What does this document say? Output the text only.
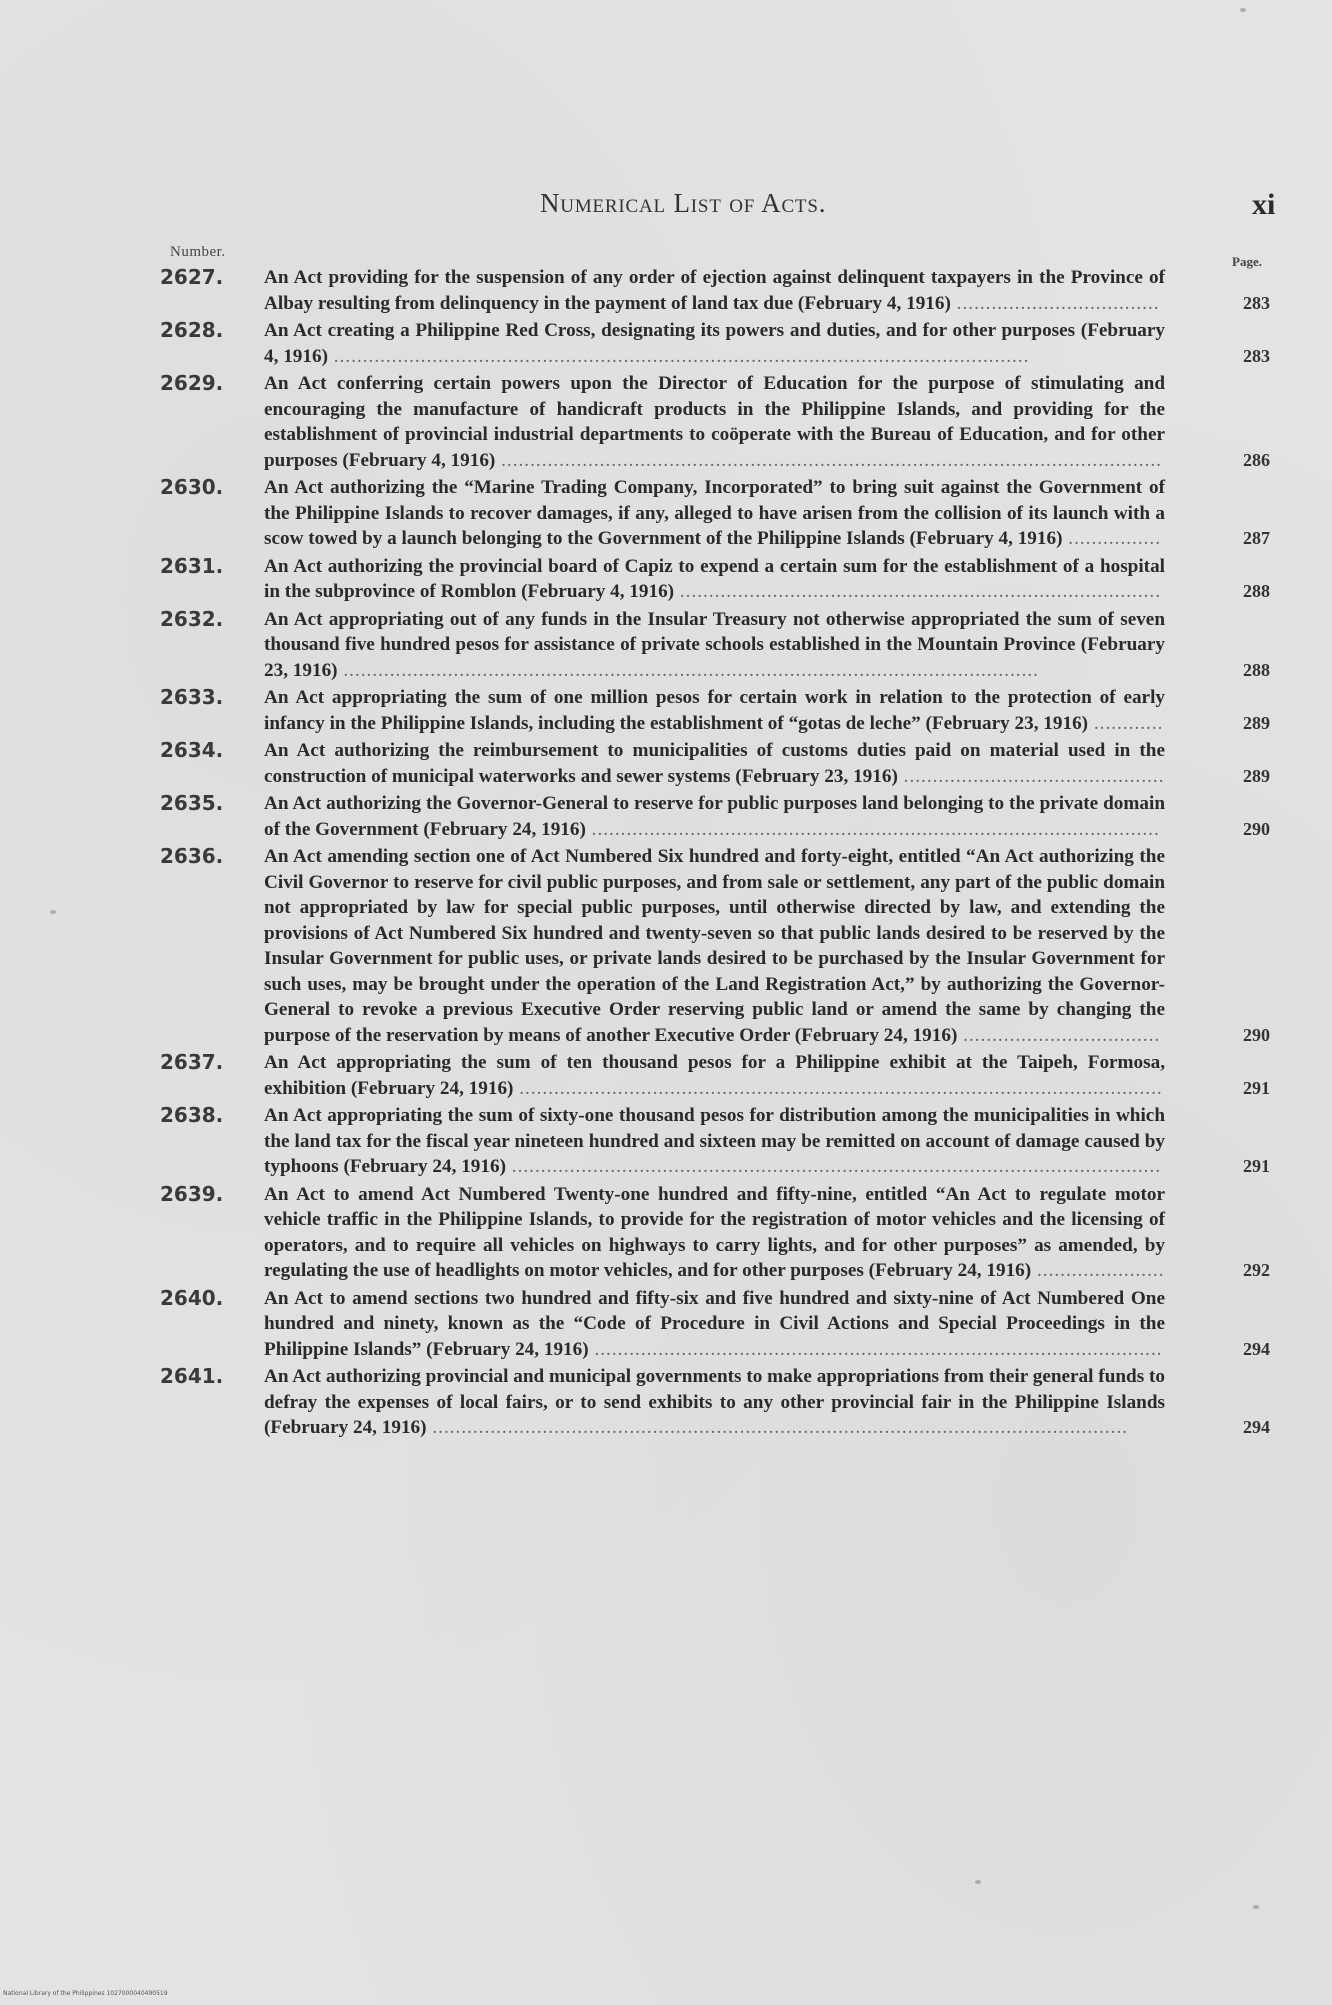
Numerical List of Acts.	xi
Number.
Page.
2627. An Act providing for the suspension of any order of ejection against delinquent taxpayers in the Province of Albay resulting from delinquency in the payment of land tax due (February 4, 1916) ...................................	283
2628. An Act creating a Philippine Red Cross, designating its powers and duties, and for other purposes (February 4, 1916) ........................................................................................................................	283
2629. An Act conferring certain powers upon the Director of Education for the purpose of stimulating and encouraging the manufacture of handicraft products in the Philippine Islands, and providing for the establishment of provincial industrial departments to coöperate with the Bureau of Education, and for other purposes (February 4, 1916) ..................................................................................................................	286
2630. An Act authorizing the “Marine Trading Company, Incorporated” to bring suit against the Government of the Philippine Islands to recover damages, if any, alleged to have arisen from the collision of its launch with a scow towed by a launch belonging to the Government of the Philippine Islands (February 4, 1916) ................	287
2631. An Act authorizing the provincial board of Capiz to expend a certain sum for the establishment of a hospital in the subprovince of Romblon (February 4, 1916) ...................................................................................	288
2632. An Act appropriating out of any funds in the Insular Treasury not otherwise appropriated the sum of seven thousand five hundred pesos for assistance of private schools established in the Mountain Province (February 23, 1916) ........................................................................................................................	288
2633. An Act appropriating the sum of one million pesos for certain work in relation to the protection of early infancy in the Philippine Islands, including the establishment of “gotas de leche” (February 23, 1916) ............	289
2634. An Act authorizing the reimbursement to municipalities of customs duties paid on material used in the construction of municipal waterworks and sewer systems (February 23, 1916) .............................................	289
2635. An Act authorizing the Governor-General to reserve for public purposes land belonging to the private domain of the Government (February 24, 1916) ..................................................................................................	290
2636. An Act amending section one of Act Numbered Six hundred and forty-eight, entitled “An Act authorizing the Civil Governor to reserve for civil public purposes, and from sale or settlement, any part of the public domain not appropriated by law for special public purposes, until otherwise directed by law, and extending the provisions of Act Numbered Six hundred and twenty-seven so that public lands desired to be reserved by the Insular Government for public uses, or private lands desired to be purchased by the Insular Government for such uses, may be brought under the operation of the Land Registration Act,” by authorizing the Governor-General to revoke a previous Executive Order reserving public land or amend the same by changing the purpose of the reservation by means of another Executive Order (February 24, 1916) ..................................	290
2637. An Act appropriating the sum of ten thousand pesos for a Philippine exhibit at the Taipeh, Formosa, exhibition (February 24, 1916) ...............................................................................................................	291
2638. An Act appropriating the sum of sixty-one thousand pesos for distribution among the municipalities in which the land tax for the fiscal year nineteen hundred and sixteen may be remitted on account of damage caused by typhoons (February 24, 1916) ................................................................................................................	291
2639. An Act to amend Act Numbered Twenty-one hundred and fifty-nine, entitled “An Act to regulate motor vehicle traffic in the Philippine Islands, to provide for the registration of motor vehicles and the licensing of operators, and to require all vehicles on highways to carry lights, and for other purposes” as amended, by regulating the use of headlights on motor vehicles, and for other purposes (February 24, 1916) ......................	292
2640. An Act to amend sections two hundred and fifty-six and five hundred and sixty-nine of Act Numbered One hundred and ninety, known as the “Code of Procedure in Civil Actions and Special Proceedings in the Philippine Islands” (February 24, 1916) ..................................................................................................	294
2641. An Act authorizing provincial and municipal governments to make appropriations from their general funds to defray the expenses of local fairs, or to send exhibits to any other provincial fair in the Philippine Islands (February 24, 1916) ........................................................................................................................	294
National Library of the Philippines 1027000040490519
